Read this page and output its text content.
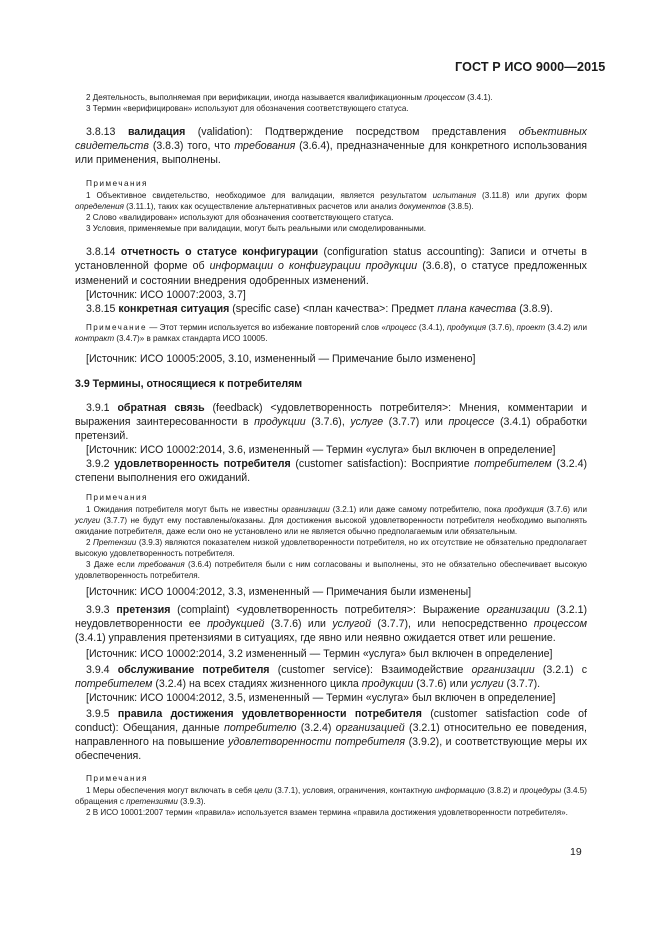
ГОСТ Р ИСО 9000—2015

2 Деятельность, выполняемая при верификации, иногда называется квалификационным процессом (3.4.1).

3 Термин «верифицирован» используют для обозначения соответствующего статуса.

3.8.13 валидация (validation): Подтверждение посредством представления объективных свидетельств (3.8.3) того, что требования (3.6.4), предназначенные для конкретного использования или применения, выполнены.

Примечания

1 Объективное свидетельство, необходимое для валидации, является результатом испытания (3.11.8) или других форм определения (3.11.1), таких как осуществление альтернативных расчетов или анализ документов (3.8.5).

2 Слово «валидирован» используют для обозначения соответствующего статуса.

3 Условия, применяемые при валидации, могут быть реальными или смоделированными.

3.8.14 отчетность о статусе конфигурации (configuration status accounting): Записи и отчеты в установленной форме об информации о конфигурации продукции (3.6.8), о статусе предложенных изменений и состоянии внедрения одобренных изменений.

[Источник: ИСО 10007:2003, 3.7]

3.8.15 конкретная ситуация (specific case) <план качества>: Предмет плана качества (3.8.9).

Примечание — Этот термин используется во избежание повторений слов «процесс (3.4.1), продукция (3.7.6), проект (3.4.2) или контракт (3.4.7)» в рамках стандарта ИСО 10005.

[Источник: ИСО 10005:2005, 3.10, измененный — Примечание было изменено]

3.9 Термины, относящиеся к потребителям

3.9.1 обратная связь (feedback) <удовлетворенность потребителя>: Мнения, комментарии и выражения заинтересованности в продукции (3.7.6), услуге (3.7.7) или процессе (3.4.1) обработки претензий.

[Источник: ИСО 10002:2014, 3.6, измененный — Термин «услуга» был включен в определение]

3.9.2 удовлетворенность потребителя (customer satisfaction): Восприятие потребителем (3.2.4) степени выполнения его ожиданий.

Примечания

1 Ожидания потребителя могут быть не известны организации (3.2.1) или даже самому потребителю, пока продукция (3.7.6) или услуги (3.7.7) не будут ему поставлены/оказаны. Для достижения высокой удовлетворенности потребителя необходимо выполнять ожидание потребителя, даже если оно не установлено или не является обычно предполагаемым или обязательным.

2 Претензии (3.9.3) являются показателем низкой удовлетворенности потребителя, но их отсутствие не обязательно предполагает высокую удовлетворенность потребителя.

3 Даже если требования (3.6.4) потребителя были с ним согласованы и выполнены, это не обязательно обеспечивает высокую удовлетворенность потребителя.

[Источник: ИСО 10004:2012, 3.3, измененный — Примечания были изменены]

3.9.3 претензия (complaint) <удовлетворенность потребителя>: Выражение организации (3.2.1) неудовлетворенности ее продукцией (3.7.6) или услугой (3.7.7), или непосредственно процессом (3.4.1) управления претензиями в ситуациях, где явно или неявно ожидается ответ или решение.

[Источник: ИСО 10002:2014, 3.2 измененный — Термин «услуга» был включен в определение]

3.9.4 обслуживание потребителя (customer service): Взаимодействие организации (3.2.1) с потребителем (3.2.4) на всех стадиях жизненного цикла продукции (3.7.6) или услуги (3.7.7).

[Источник: ИСО 10004:2012, 3.5, измененный — Термин «услуга» был включен в определение]

3.9.5 правила достижения удовлетворенности потребителя (customer satisfaction code of conduct): Обещания, данные потребителю (3.2.4) организацией (3.2.1) относительно ее поведения, направленного на повышение удовлетворенности потребителя (3.9.2), и соответствующие меры их обеспечения.

Примечания

1 Меры обеспечения могут включать в себя цели (3.7.1), условия, ограничения, контактную информацию (3.8.2) и процедуры (3.4.5) обращения с претензиями (3.9.3).

2 В ИСО 10001:2007 термин «правила» используется взамен термина «правила достижения удовлетворенности потребителя».

19
